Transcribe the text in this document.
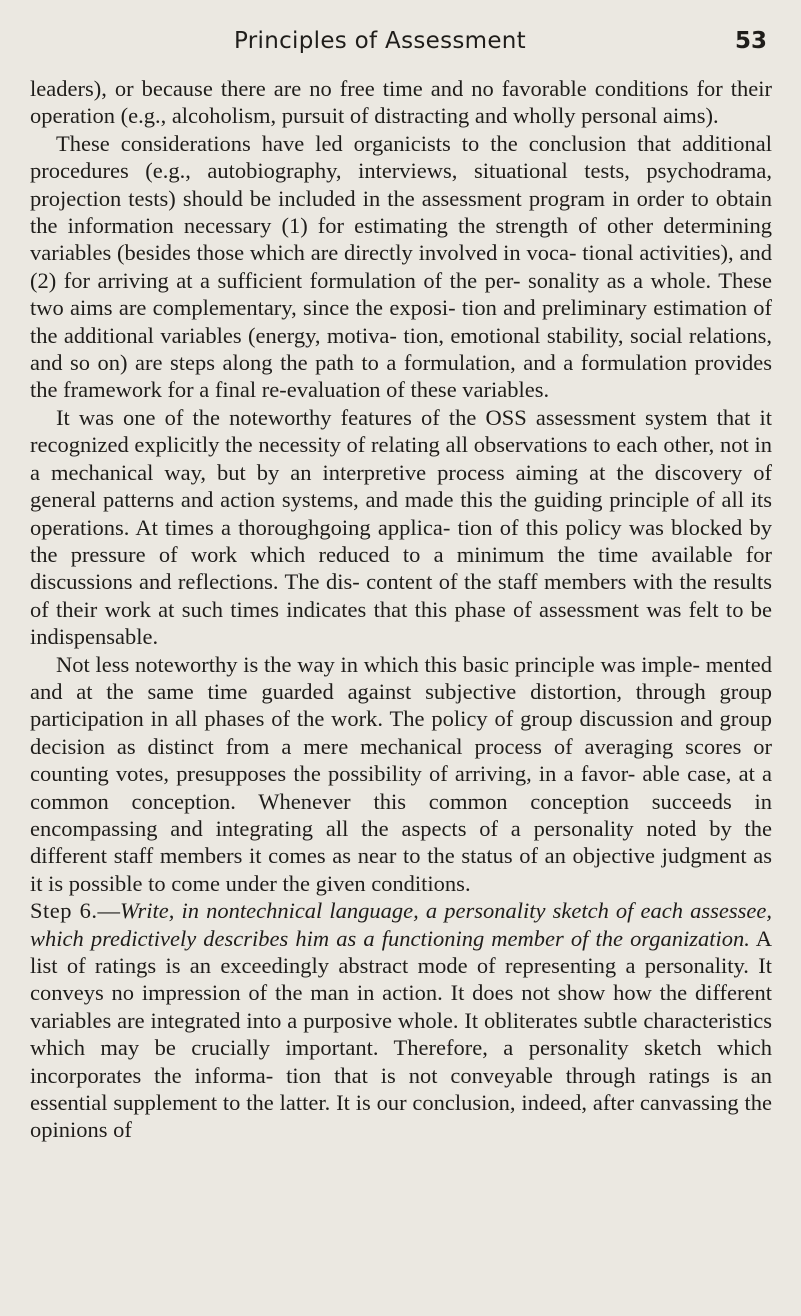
Principles of Assessment	53

leaders), or because there are no free time and no favorable conditions for their operation (e.g., alcoholism, pursuit of distracting and wholly personal aims).

These considerations have led organicists to the conclusion that additional procedures (e.g., autobiography, interviews, situational tests, psychodrama, projection tests) should be included in the assessment program in order to obtain the information necessary (1) for estimating the strength of other determining variables (besides those which are directly involved in voca- tional activities), and (2) for arriving at a sufficient formulation of the per- sonality as a whole. These two aims are complementary, since the exposi- tion and preliminary estimation of the additional variables (energy, motiva- tion, emotional stability, social relations, and so on) are steps along the path to a formulation, and a formulation provides the framework for a final re-evaluation of these variables.

It was one of the noteworthy features of the OSS assessment system that it recognized explicitly the necessity of relating all observations to each other, not in a mechanical way, but by an interpretive process aiming at the discovery of general patterns and action systems, and made this the guiding principle of all its operations. At times a thoroughgoing applica- tion of this policy was blocked by the pressure of work which reduced to a minimum the time available for discussions and reflections. The dis- content of the staff members with the results of their work at such times indicates that this phase of assessment was felt to be indispensable.

Not less noteworthy is the way in which this basic principle was imple- mented and at the same time guarded against subjective distortion, through group participation in all phases of the work. The policy of group discussion and group decision as distinct from a mere mechanical process of averaging scores or counting votes, presupposes the possibility of arriving, in a favor- able case, at a common conception. Whenever this common conception succeeds in encompassing and integrating all the aspects of a personality noted by the different staff members it comes as near to the status of an objective judgment as it is possible to come under the given conditions.

Step 6.—Write, in nontechnical language, a personality sketch of each assessee, which predictively describes him as a functioning member of the organization. A list of ratings is an exceedingly abstract mode of representing a personality. It conveys no impression of the man in action. It does not show how the different variables are integrated into a purposive whole. It obliterates subtle characteristics which may be crucially important. Therefore, a personality sketch which incorporates the informa- tion that is not conveyable through ratings is an essential supplement to the latter. It is our conclusion, indeed, after canvassing the opinions of
